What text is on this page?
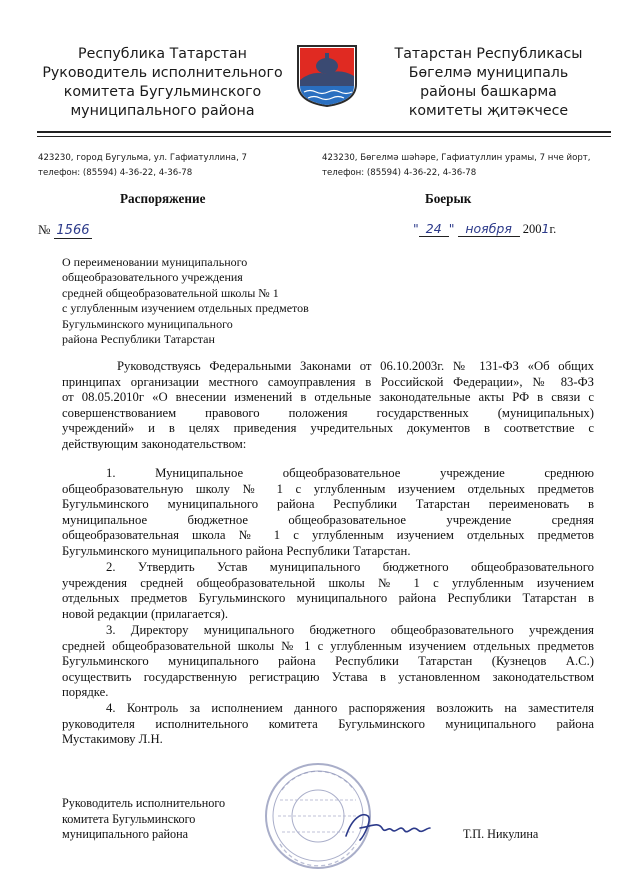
Республика Татарстан
Руководитель исполнительного
комитета Бугульминского
муниципального района
Татарстан Республикасы
Бөгелмә муниципаль
районы башкарма
комитеты җитәкчесе
423230, город Бугульма, ул. Гафиатуллина, 7
телефон: (85594) 4-36-22, 4-36-78
423230, Бөгелмә шәһәре, Гафиатуллин урамы, 7 нче йорт,
телефон: (85594) 4-36-22, 4-36-78
Распоряжение	Боерык
№ 1566	" 24 " ноября 2001г.
О переименовании муниципального
общеобразовательного учреждения
средней общеобразовательной школы № 1
с углубленным изучением отдельных предметов
Бугульминского муниципального
района Республики Татарстан
Руководствуясь Федеральными Законами от 06.10.2003г. № 131-ФЗ «Об общих
принципах организации местного самоуправления в Российской Федерации», № 83-ФЗ
от 08.05.2010г «О внесении изменений в отдельные законодательные акты РФ в связи с
совершенствованием правового положения государственных (муниципальных)
учреждений» и в целях приведения учредительных документов в соответствие с
действующим законодательством:
1. Муниципальное общеобразовательное учреждение среднюю
общеобразовательную школу № 1 с углубленным изучением отдельных предметов
Бугульминского муниципального района Республики Татарстан переименовать в
муниципальное бюджетное общеобразовательное учреждение средняя
общеобразовательная школа № 1 с углубленным изучением отдельных предметов
Бугульминского муниципального района Республики Татарстан.
2. Утвердить Устав муниципального бюджетного общеобразовательного
учреждения средней общеобразовательной школы № 1 с углубленным изучением
отдельных предметов Бугульминского муниципального района Республики Татарстан в
новой редакции (прилагается).
3. Директору муниципального бюджетного общеобразовательного учреждения
средней общеобразовательной школы № 1 с углубленным изучением отдельных предметов
Бугульминского муниципального района Республики Татарстан (Кузнецов А.С.)
осуществить государственную регистрацию Устава в установленном законодательством
порядке.
4. Контроль за исполнением данного распоряжения возложить на заместителя
руководителя исполнительного комитета Бугульминского муниципального района
Мустакимову Л.Н.
Руководитель исполнительного
комитета Бугульминского
муниципального района	Т.П. Никулина
